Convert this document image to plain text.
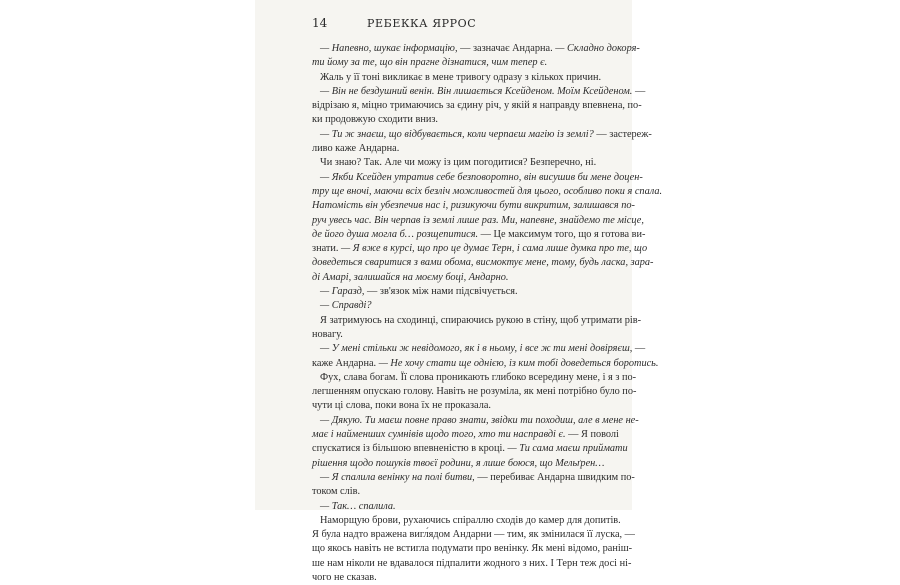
14	РЕБЕККА ЯРРОС
— Напевно, шукає інформацію, — зазначає Андарна. — Складно докоря-
ти йому за те, що він прагне дізнатися, чим тепер є.
Жаль у її тоні викликає в мене тривогу одразу з кількох причин.
— Він не бездушний венін. Він лишається Ксейденом. Моїм Ксейденом. —
відрізаю я, міцно тримаючись за єдину річ, у якій я направду впевнена, по-
ки продовжую сходити вниз.
— Ти ж знаєш, що відбувається, коли черпаєш магію із землі? — застереж-
ливо каже Андарна.
Чи знаю? Так. Але чи можу із цим погодитися? Безперечно, ні.
— Якби Ксейден утратив себе безповоротно, він висушив би мене доцен-
тру ще вночі, маючи всіх безліч можливостей для цього, особливо поки я спала.
Натомість він убезпечив нас і, ризикуючи бути викритим, залишався по-
руч увесь час. Він черпав із землі лише раз. Ми, напевне, знайдемо те місце,
де його душа могла б… розщепитися. — Це максимум того, що я готова ви-
знати. — Я вже в курсі, що про це думає Терн, і сама лише думка про те, що
доведеться сваритися з вами обома, висмоктує мене, тому, будь ласка, зара-
ді Амарі, залишайся на моєму боці, Андарно.
— Гаразд, — зв'язок між нами підсвічується.
— Справді?
Я затримуюсь на сходинці, спираючись рукою в стіну, щоб утримати рів-
новагу.
— У мені стільки ж невідомого, як і в ньому, і все ж ти мені довіряєш, —
каже Андарна. — Не хочу стати ще однією, із ким тобі доведеться боротись.
Фух, слава богам. Її слова проникають глибоко всередину мене, і я з по-
легшенням опускаю голову. Навіть не розуміла, як мені потрібно було по-
чути ці слова, поки вона їх не проказала.
— Дякую. Ти маєш повне право знати, звідки ти походиш, але в мене не-
має і найменших сумнівів щодо того, хто ти насправді є. — Я поволі
спускатися із більшою впевненістю в кроці. — Ти сама маєш приймати
рішення щодо пошуків твоєї родини, я лише боюся, що Мельґрен…
— Я спалила венінку на полі битви, — перебиває Андарна швидким по-
током слів.
— Так… спалила.
Наморщую брови, рухаючись спіраллю сходів до камер для допитів.
Я була надто вражена вигл́ядом Андарни — тим, як змінилася її луска, —
що якось навіть не встигла подумати про венінку. Як мені відомо, раніш-
ше нам ніколи не вдавалося підпалити жодного з них. І Терн теж досі ні-
чого не сказав.
